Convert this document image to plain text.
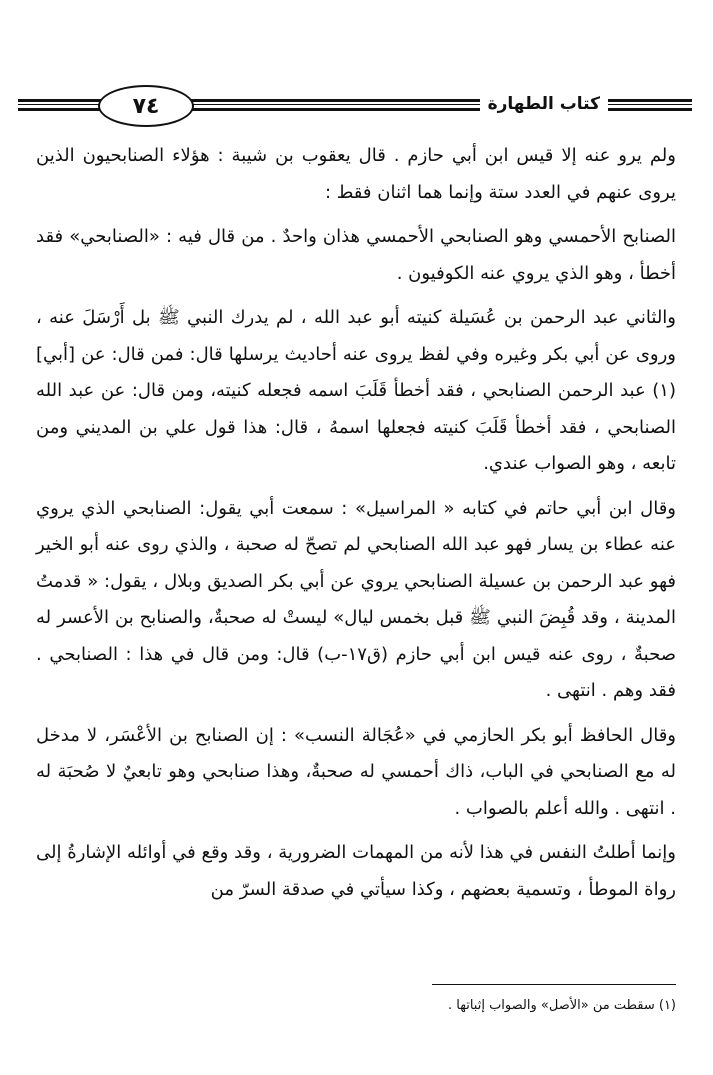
٧٤	كتاب الطهارة

ولم يرو عنه إلا قيس ابن أبي حازم . قال يعقوب بن شيبة : هؤلاء الصنابحيون الذين يروى عنهم في العدد ستة وإنما هما اثنان فقط :

الصنابح الأحمسي وهو الصنابحي الأحمسي هذان واحدٌ . من قال فيه : «الصنابحي» فقد أخطأ ، وهو الذي يروي عنه الكوفيون .

والثاني عبد الرحمن بن عُسَيلة كنيته أبو عبد الله ، لم يدرك النبي ﷺ بل أَرْسَلَ عنه ، وروى عن أبي بكر وغيره وفي لفظ يروى عنه أحاديث يرسلها قال: فمن قال: عن [أبي](١) عبد الرحمن الصنابحي ، فقد أخطأ قَلَبَ اسمه فجعله كنيته، ومن قال: عن عبد الله الصنابحي ، فقد أخطأ قَلَبَ كنيته فجعلها اسمهُ ، قال: هذا قول علي بن المديني ومن تابعه ، وهو الصواب عندي.

وقال ابن أبي حاتم في كتابه « المراسيل» : سمعت أبي يقول: الصنابحي الذي يروي عنه عطاء بن يسار فهو عبد الله الصنابحي لم تصحّ له صحبة ، والذي روى عنه أبو الخير فهو عبد الرحمن بن عسيلة الصنابحي يروي عن أبي بكر الصديق وبلال ، يقول: « قدمتُ المدينة ، وقد قُبِضَ النبي ﷺ قبل بخمس ليال» ليستْ له صحبةٌ، والصنابح بن الأعسر له صحبةٌ ، روى عنه قيس ابن أبي حازم (ق١٧-ب) قال: ومن قال في هذا : الصنابحي . فقد وهم . انتهى .

وقال الحافظ أبو بكر الحازمي في «عُجَالة النسب» : إن الصنابح بن الأعْسَر، لا مدخل له مع الصنابحي في الباب، ذاك أحمسي له صحبةٌ، وهذا صنابحي وهو تابعيٌ لا صُحبَة له . انتهى . والله أعلم بالصواب .

وإنما أطلتُ النفس في هذا لأنه من المهمات الضرورية ، وقد وقع في أوائله الإشارةُ إلى رواة الموطأ ، وتسمية بعضهم ، وكذا سيأتي في صدقة السرّ من

(١) سقطت من «الأصل» والصواب إثباتها .
